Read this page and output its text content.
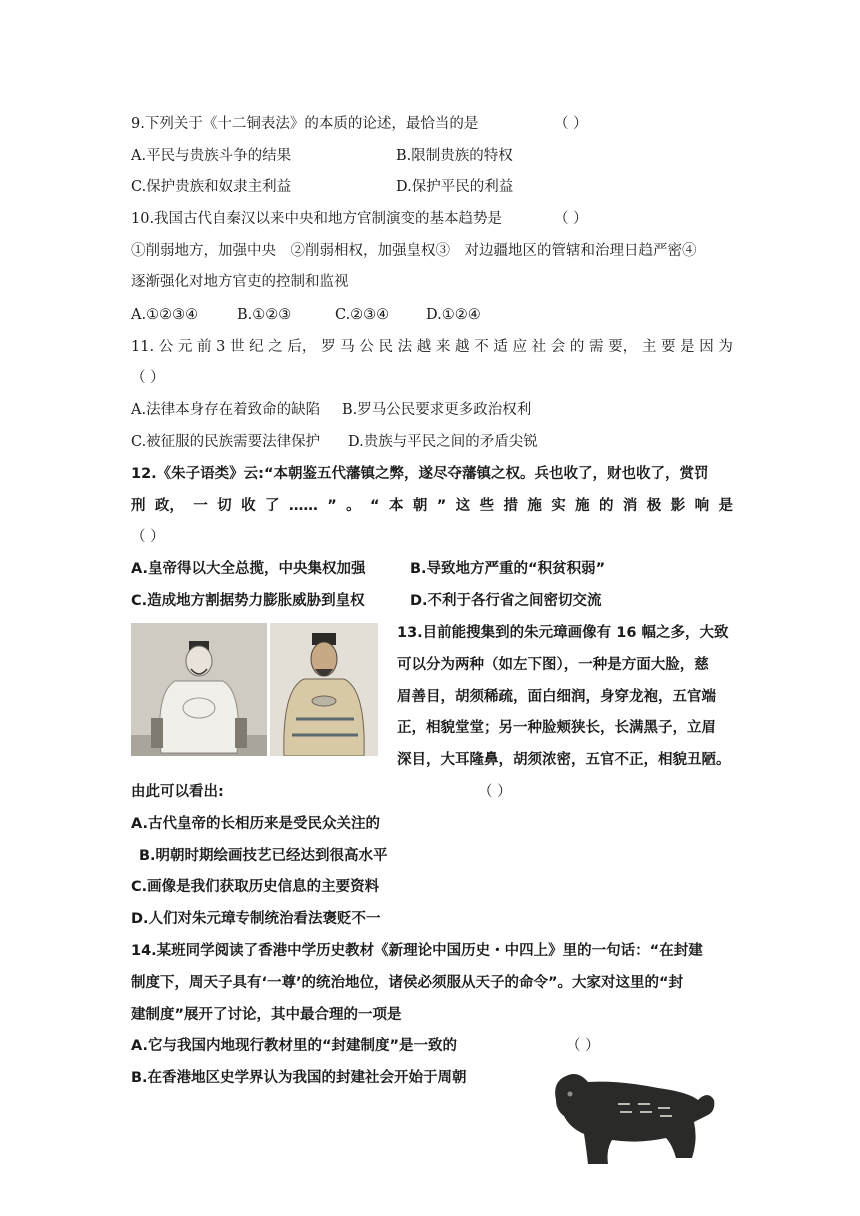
9.下列关于《十二铜表法》的本质的论述，最恰当的是	（ ）
A.平民与贵族斗争的结果	B.限制贵族的特权
C.保护贵族和奴隶主利益	D.保护平民的利益
10.我国古代自秦汉以来中央和地方官制演变的基本趋势是	（ ）
①削弱地方，加强中央　②削弱相权，加强皇权③　对边疆地区的管辖和治理日趋严密④
逐渐强化对地方官吏的控制和监视
A.①②③④	B.①②③	C.②③④	D.①②④
11. 公 元 前 3 世 纪 之 后， 罗 马 公 民 法 越 来 越 不 适 应 社 会 的 需 要， 主 要 是 因 为
（ ）
A.法律本身存在着致命的缺陷 B.罗马公民要求更多政治权利
C.被征服的民族需要法律保护 D.贵族与平民之间的矛盾尖锐
12.《朱子语类》云:“本朝鉴五代藩镇之弊，遂尽夺藩镇之权。兵也收了，财也收了，赏罚
刑 政， 一 切 收 了 …… ” 。 “ 本 朝 ” 这 些 措 施 实 施 的 消 极 影 响 是
（ ）
A.皇帝得以大全总揽，中央集权加强	B.导致地方严重的“积贫积弱”
C.造成地方割据势力膨胀威胁到皇权	D.不利于各行省之间密切交流
13.目前能搜集到的朱元璋画像有 16 幅之多，大致
可以分为两种（如左下图），一种是方面大脸，慈
眉善目，胡须稀疏，面白细润，身穿龙袍，五官端
正，相貌堂堂；另一种脸颊狭长，长满黑子，立眉
深目，大耳隆鼻，胡须浓密，五官不正，相貌丑陋。
由此可以看出:	（ ）
A.古代皇帝的长相历来是受民众关注的
B.明朝时期绘画技艺已经达到很高水平
C.画像是我们获取历史信息的主要资料
D.人们对朱元璋专制统治看法褒贬不一
14.某班同学阅读了香港中学历史教材《新理论中国历史・中四上》里的一句话：“在封建
制度下，周天子具有‘一尊’的统治地位，诸侯必须服从天子的命令”。大家对这里的“封
建制度”展开了讨论，其中最合理的一项是
A.它与我国内地现行教材里的“封建制度”是一致的	（ ）
B.在香港地区史学界认为我国的封建社会开始于周朝
